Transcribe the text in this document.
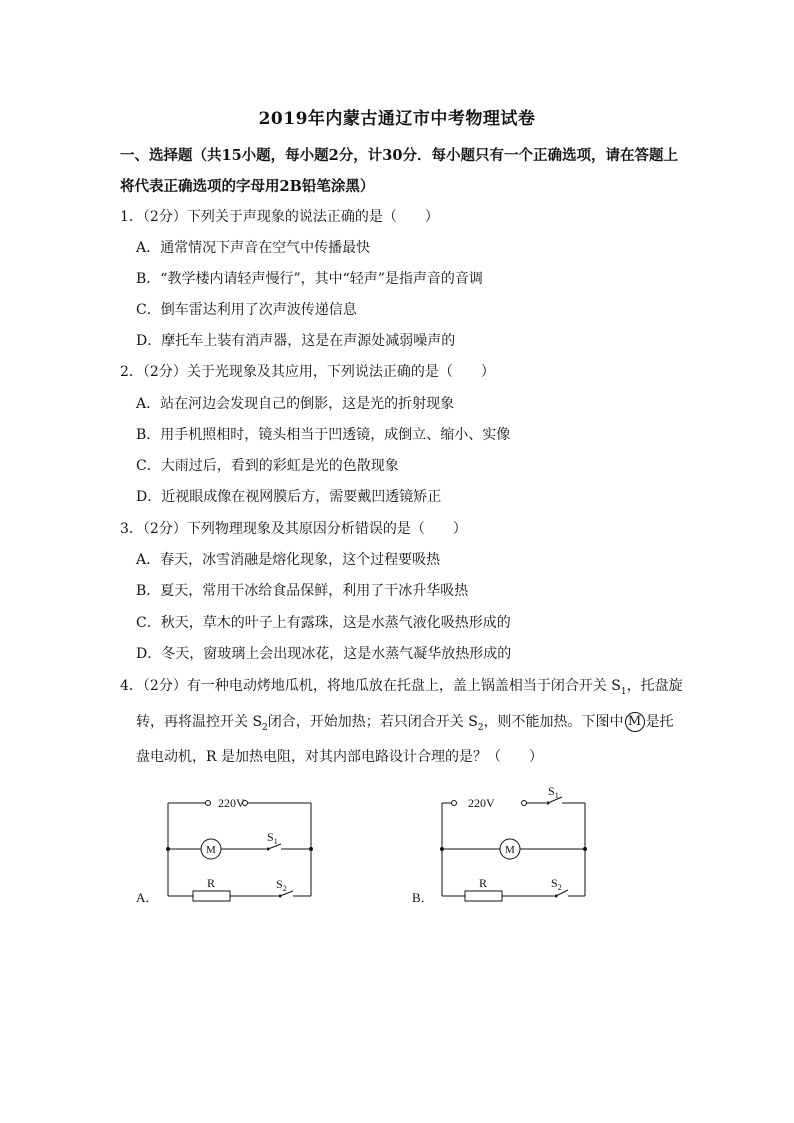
2019年内蒙古通辽市中考物理试卷
一、选择题（共15小题，每小题2分，计30分．每小题只有一个正确选项，请在答题上
将代表正确选项的字母用2B铅笔涂黑）
1．（2分）下列关于声现象的说法正确的是（　　）
A．通常情况下声音在空气中传播最快
B．“教学楼内请轻声慢行”，其中“轻声”是指声音的音调
C．倒车雷达利用了次声波传递信息
D．摩托车上装有消声器，这是在声源处减弱噪声的
2．（2分）关于光现象及其应用，下列说法正确的是（　　）
A．站在河边会发现自己的倒影，这是光的折射现象
B．用手机照相时，镜头相当于凹透镜，成倒立、缩小、实像
C．大雨过后，看到的彩虹是光的色散现象
D．近视眼成像在视网膜后方，需要戴凹透镜矫正
3．（2分）下列物理现象及其原因分析错误的是（　　）
A．春天，冰雪消融是熔化现象，这个过程要吸热
B．夏天，常用干冰给食品保鲜，利用了干冰升华吸热
C．秋天，草木的叶子上有露珠，这是水蒸气液化吸热形成的
D．冬天，窗玻璃上会出现冰花，这是水蒸气凝华放热形成的
4．（2分）有一种电动烤地瓜机，将地瓜放在托盘上，盖上锅盖相当于闭合开关 $S_1$，托盘旋
转，再将温控开关 $S_2$闭合，开始加热；若只闭合开关 $S_2$，则不能加热。下图中 M 是托
盘电动机，R 是加热电阻，对其内部电路设计合理的是？（　　）
220V
M
$S_1$
R	$S_2$
A．
220V
M
$S_1$
R	$S_2$
B．
